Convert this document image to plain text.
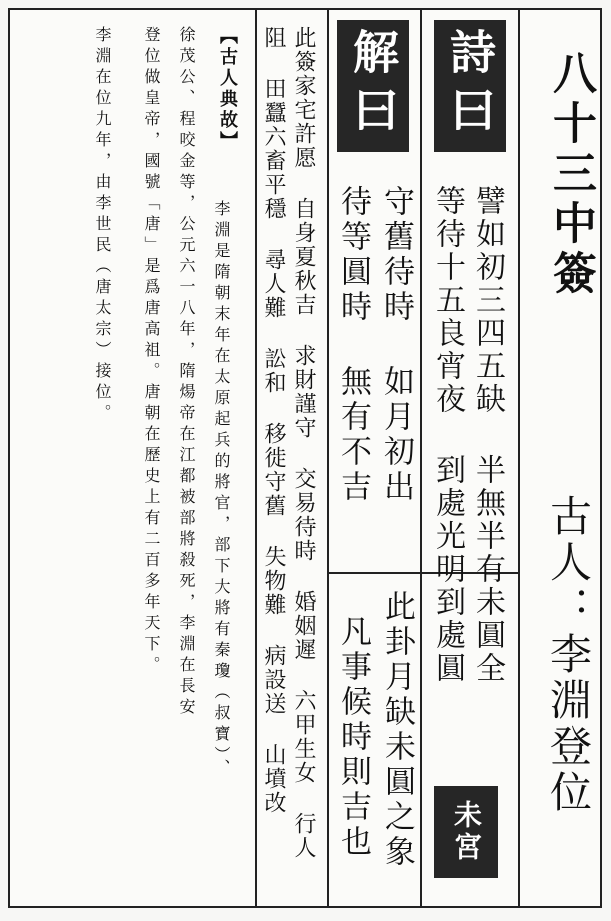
八十三中簽

古人：李淵登位

詩曰

譬如初三四五缺 半無半有未圓全

等待十五良宵夜 到處光明到處圓

未宮

此卦月缺未圓之象

凡事候時則吉也

解曰

守舊待時 如月初出

待等圓時 無有不吉

此簽家宅許愿 自身夏秋吉 求財謹守 交易待時 婚姻遲 六甲生女 行人

阻 田蠶六畜平穩 尋人難 訟和 移徙守舊 失物難 病設送 山墳改

【古人典故】

李淵是隋朝末年在太原起兵的將官，部下大將有秦瓊（叔寶）、

徐茂公、程咬金等，公元六一八年，隋煬帝在江都被部將殺死，李淵在長安

登位做皇帝，國號「唐」是爲唐高祖。唐朝在歷史上有二百多年天下。

李淵在位九年，由李世民（唐太宗）接位。
